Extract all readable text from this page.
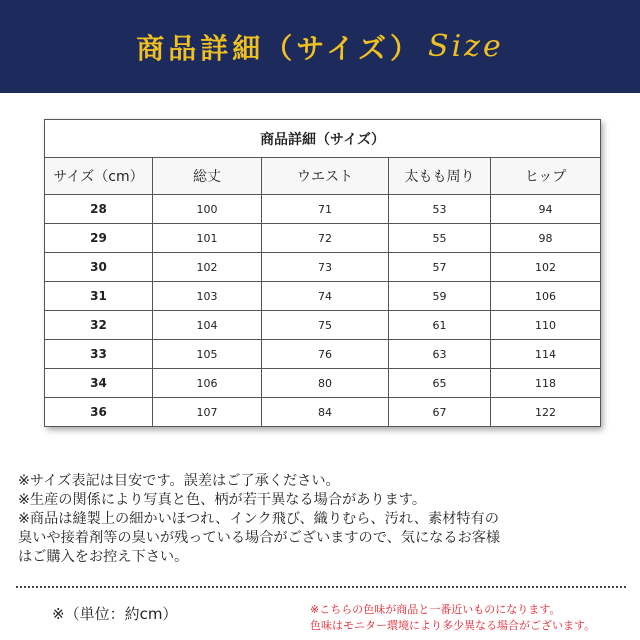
商品詳細（サイズ） Size
商品詳細（サイズ）				
サイズ（cm）	総丈	ウエスト	太もも周り	ヒップ
28	100	71	53	94
29	101	72	55	98
30	102	73	57	102
31	103	74	59	106
32	104	75	61	110
33	105	76	63	114
34	106	80	65	118
36	107	84	67	122

※サイズ表記は目安です。誤差はご了承ください。

※生産の関係により写真と色、柄が若干異なる場合があります。

※商品は縫製上の細かいほつれ、インク飛び、織りむら、汚れ、素材特有の

臭いや接着剤等の臭いが残っている場合がございますので、気になるお客様

はご購入をお控え下さい。

※（単位：約cm）	※こちらの色味が商品と一番近いものになります。

色味はモニター環境により多少異なる場合がございます。
